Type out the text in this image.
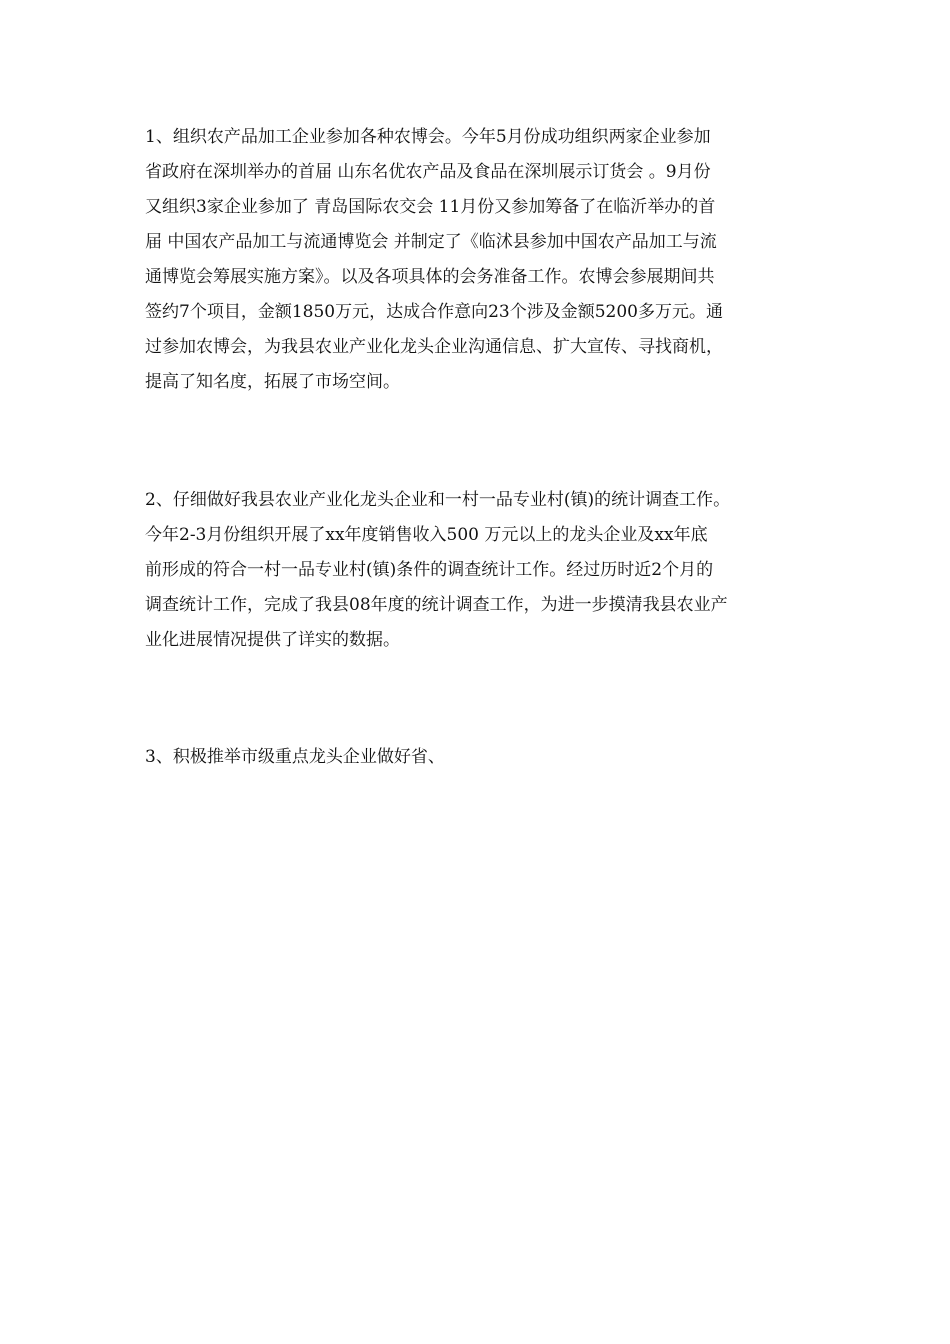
1、组织农产品加工企业参加各种农博会。今年5月份成功组织两家企业参加
省政府在深圳举办的首届 山东名优农产品及食品在深圳展示订货会 。9月份
又组织3家企业参加了 青岛国际农交会 11月份又参加筹备了在临沂举办的首
届 中国农产品加工与流通博览会 并制定了《临沭县参加中国农产品加工与流
通博览会筹展实施方案》。以及各项具体的会务准备工作。农博会参展期间共
签约7个项目，金额1850万元，达成合作意向23个涉及金额5200多万元。通
过参加农博会，为我县农业产业化龙头企业沟通信息、扩大宣传、寻找商机，
提高了知名度，拓展了市场空间。

2、仔细做好我县农业产业化龙头企业和一村一品专业村(镇)的统计调查工作。
今年2-3月份组织开展了xx年度销售收入500 万元以上的龙头企业及xx年底
前形成的符合一村一品专业村(镇)条件的调查统计工作。经过历时近2个月的
调查统计工作，完成了我县08年度的统计调查工作，为进一步摸清我县农业产
业化进展情况提供了详实的数据。

3、积极推举市级重点龙头企业做好省、
